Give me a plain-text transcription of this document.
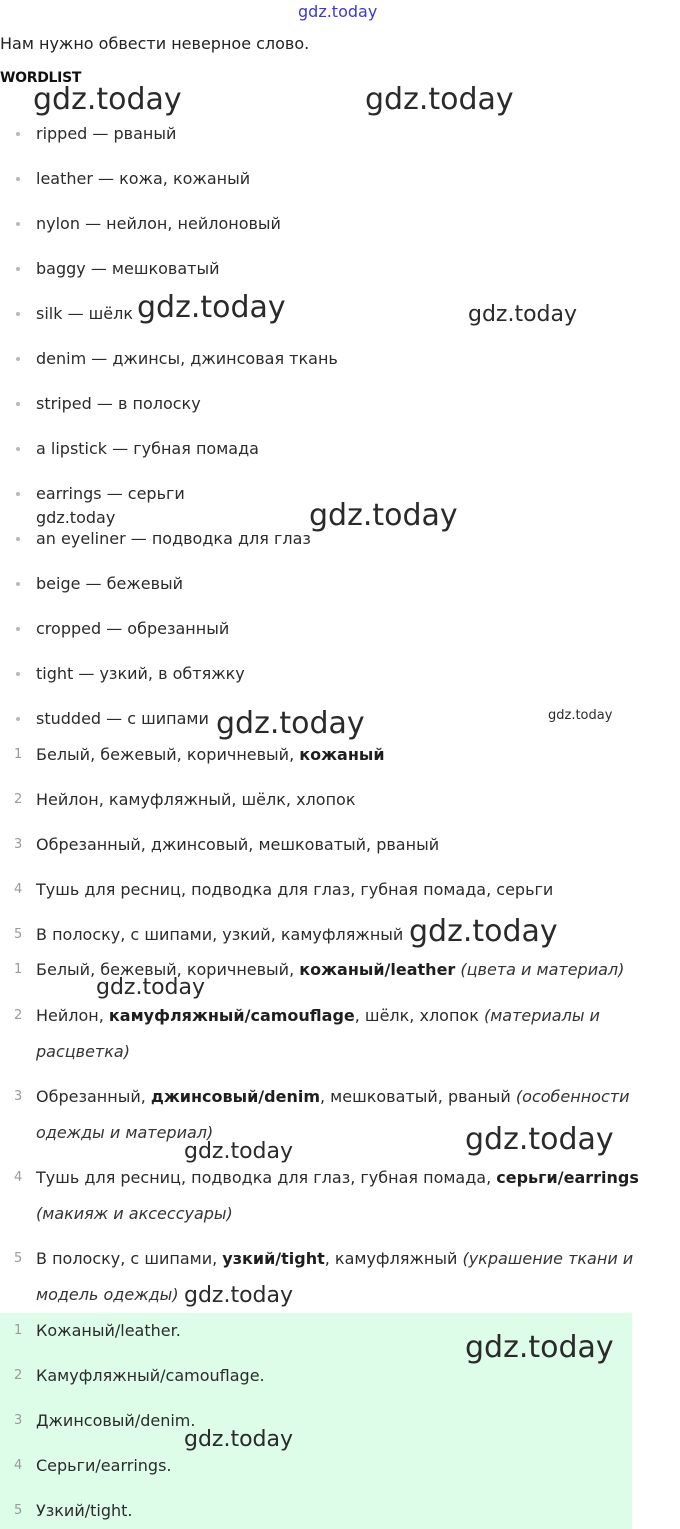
gdz.today
Нам нужно обвести неверное слово.
WORDLIST
ripped — рваный
leather — кожа, кожаный
nylon — нейлон, нейлоновый
baggy — мешковатый
silk — шёлк
denim — джинсы, джинсовая ткань
striped — в полоску
a lipstick — губная помада
earrings — серьги
an eyeliner — подводка для глаз
beige — бежевый
cropped — обрезанный
tight — узкий, в обтяжку
studded — с шипами
1 Белый, бежевый, коричневый, кожаный
2 Нейлон, камуфляжный, шёлк, хлопок
3 Обрезанный, джинсовый, мешковатый, рваный
4 Тушь для ресниц, подводка для глаз, губная помада, серьги
5 В полоску, с шипами, узкий, камуфляжный
1 Белый, бежевый, коричневый, кожаный/leather (цвета и материал)
2 Нейлон, камуфляжный/camouflage, шёлк, хлопок (материалы и
расцветка)
3 Обрезанный, джинсовый/denim, мешковатый, рваный (особенности
одежды и материал)
4 Тушь для ресниц, подводка для глаз, губная помада, серьги/earrings
(макияж и аксессуары)
5 В полоску, с шипами, узкий/tight, камуфляжный (украшение ткани и
модель одежды)
1 Кожаный/leather.
2 Камуфляжный/camouflage.
3 Джинсовый/denim.
4 Серьги/earrings.
5 Узкий/tight.
gdz.today	gdz.today
gdz.today	gdz.today
gdz.today	gdz.today
gdz.today	gdz.today
gdz.today
gdz.today
gdz.today
gdz.today
gdz.today
gdz.today
gdz.today
